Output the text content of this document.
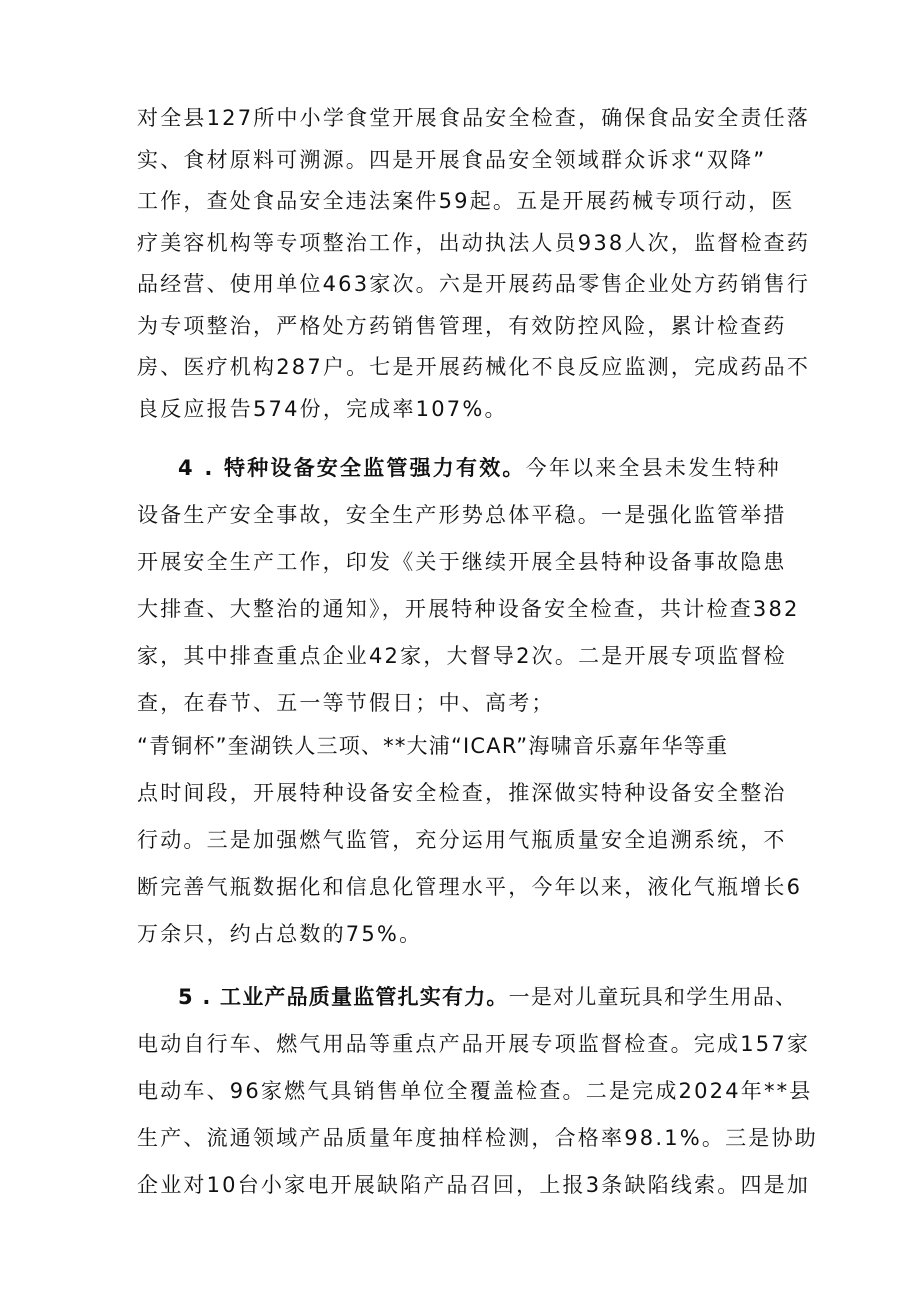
对全县127所中小学食堂开展食品安全检查，确保食品安全责任落
实、食材原料可溯源。四是开展食品安全领域群众诉求“双降”
工作，查处食品安全违法案件59起。五是开展药械专项行动，医
疗美容机构等专项整治工作，出动执法人员938人次，监督检查药
品经营、使用单位463家次。六是开展药品零售企业处方药销售行
为专项整治，严格处方药销售管理，有效防控风险，累计检查药
房、医疗机构287户。七是开展药械化不良反应监测，完成药品不
良反应报告574份，完成率107%。
4 . 特种设备安全监管强力有效。今年以来全县未发生特种
设备生产安全事故，安全生产形势总体平稳。一是强化监管举措
开展安全生产工作，印发《关于继续开展全县特种设备事故隐患
大排查、大整治的通知》，开展特种设备安全检查，共计检查382
家，其中排查重点企业42家，大督导2次。二是开展专项监督检
查，在春节、五一等节假日；中、高考；
“青铜杯”奎湖铁人三项、**大浦“ICAR”海啸音乐嘉年华等重
点时间段，开展特种设备安全检查，推深做实特种设备安全整治
行动。三是加强燃气监管，充分运用气瓶质量安全追溯系统，不
断完善气瓶数据化和信息化管理水平，今年以来，液化气瓶增长6
万余只，约占总数的75%。
5 . 工业产品质量监管扎实有力。一是对儿童玩具和学生用品、
电动自行车、燃气用品等重点产品开展专项监督检查。完成157家
电动车、96家燃气具销售单位全覆盖检查。二是完成2024年**县
生产、流通领域产品质量年度抽样检测，合格率98.1%。三是协助
企业对10台小家电开展缺陷产品召回，上报3条缺陷线索。四是加
